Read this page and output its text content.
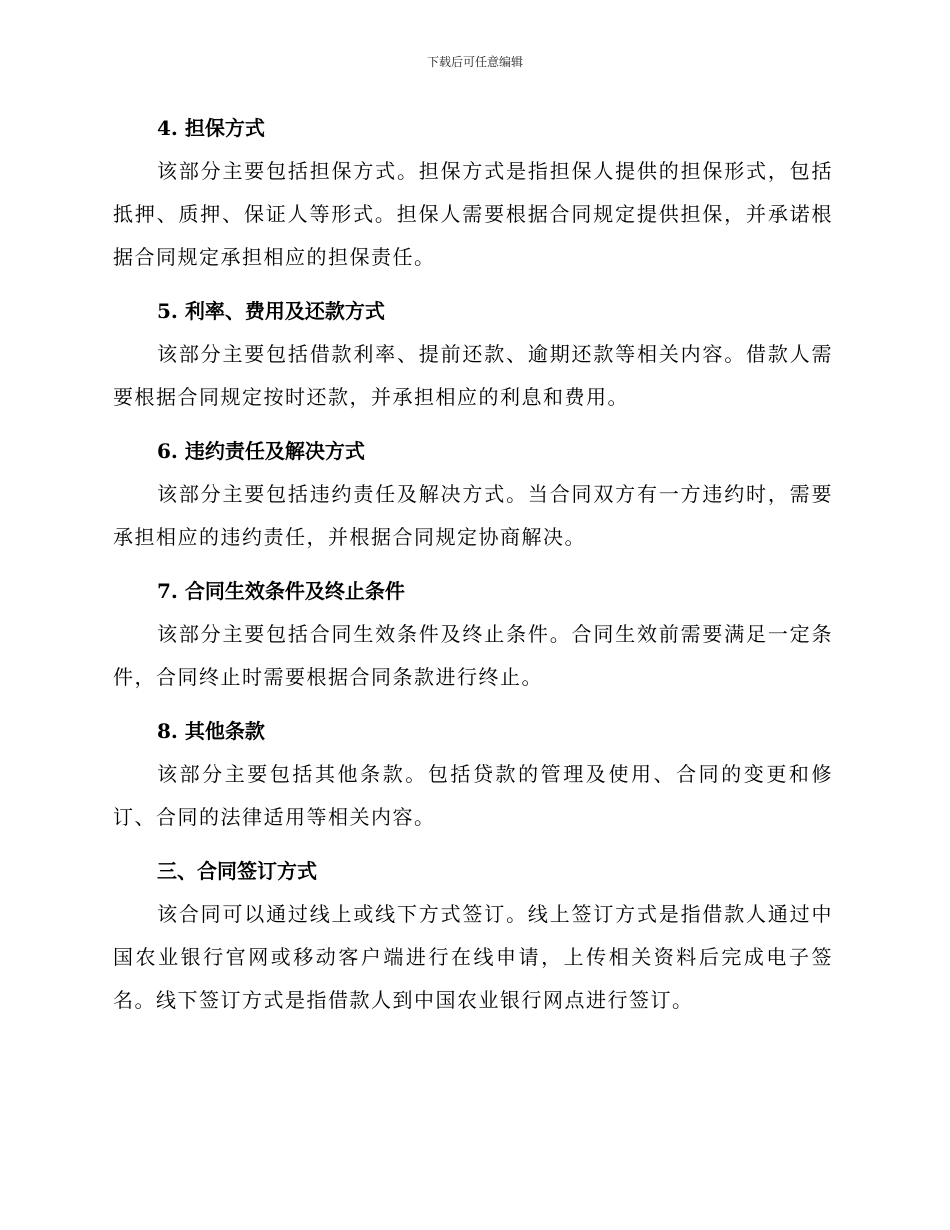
下载后可任意编辑
4. 担保方式

该部分主要包括担保方式。担保方式是指担保人提供的担保形式，包括抵押、质押、保证人等形式。担保人需要根据合同规定提供担保，并承诺根据合同规定承担相应的担保责任。

5. 利率、费用及还款方式

该部分主要包括借款利率、提前还款、逾期还款等相关内容。借款人需要根据合同规定按时还款，并承担相应的利息和费用。

6. 违约责任及解决方式

该部分主要包括违约责任及解决方式。当合同双方有一方违约时，需要承担相应的违约责任，并根据合同规定协商解决。

7. 合同生效条件及终止条件

该部分主要包括合同生效条件及终止条件。合同生效前需要满足一定条件，合同终止时需要根据合同条款进行终止。

8. 其他条款

该部分主要包括其他条款。包括贷款的管理及使用、合同的变更和修订、合同的法律适用等相关内容。

三、合同签订方式

该合同可以通过线上或线下方式签订。线上签订方式是指借款人通过中国农业银行官网或移动客户端进行在线申请，上传相关资料后完成电子签名。线下签订方式是指借款人到中国农业银行网点进行签订。
